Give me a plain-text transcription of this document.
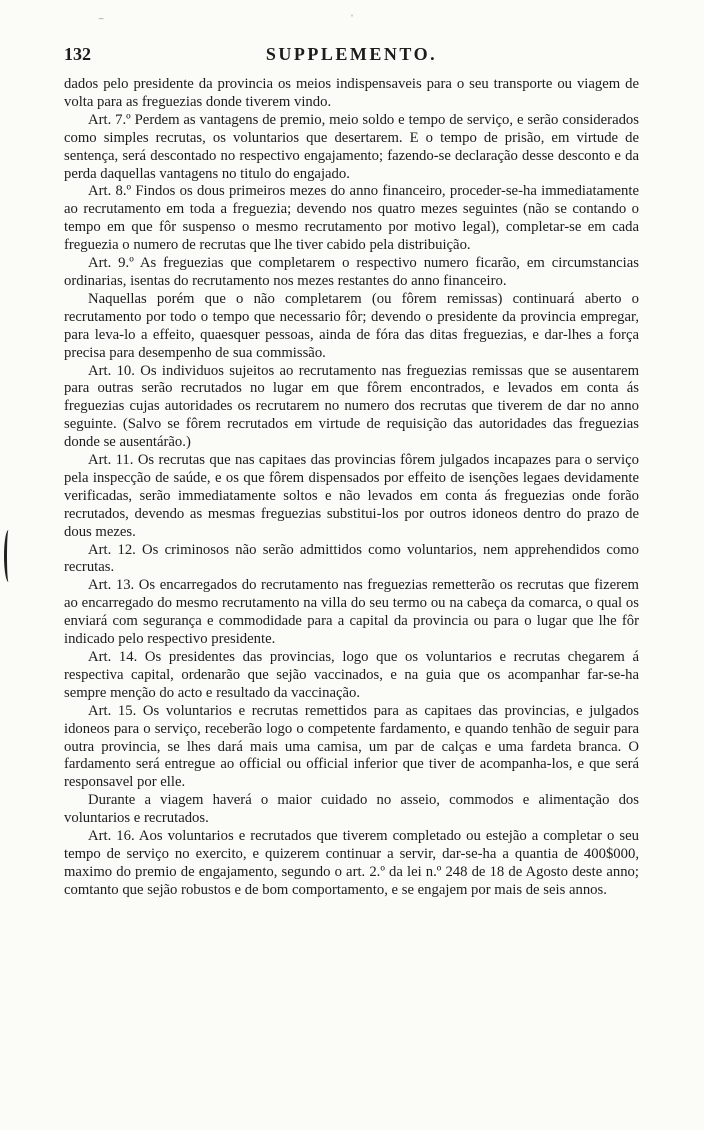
132	SUPPLEMENTO.
⁻	ˈ

dados pelo presidente da provincia os meios indispensaveis para o seu transporte ou viagem de volta para as freguezias donde tiverem vindo.

Art. 7.º Perdem as vantagens de premio, meio soldo e tempo de serviço, e serão considerados como simples recrutas, os voluntarios que desertarem. E o tempo de prisão, em virtude de sentença, será descontado no respectivo engajamento; fazendo-se declaração desse desconto e da perda daquellas vantagens no titulo do engajado.

Art. 8.º Findos os dous primeiros mezes do anno financeiro, proceder-se-ha immediatamente ao recrutamento em toda a freguezia; devendo nos quatro mezes seguintes (não se contando o tempo em que fôr suspenso o mesmo recrutamento por motivo legal), completar-se em cada freguezia o numero de recrutas que lhe tiver cabido pela distribuição.

Art. 9.º As freguezias que completarem o respectivo numero ficarão, em circumstancias ordinarias, isentas do recrutamento nos mezes restantes do anno financeiro.

Naquellas porém que o não completarem (ou fôrem remissas) continuará aberto o recrutamento por todo o tempo que necessario fôr; devendo o presidente da provincia empregar, para leva-lo a effeito, quaesquer pessoas, ainda de fóra das ditas freguezias, e dar-lhes a força precisa para desempenho de sua commissão.

Art. 10. Os individuos sujeitos ao recrutamento nas freguezias remissas que se ausentarem para outras serão recrutados no lugar em que fôrem encontrados, e levados em conta ás freguezias cujas autoridades os recrutarem no numero dos recrutas que tiverem de dar no anno seguinte. (Salvo se fôrem recrutados em virtude de requisição das autoridades das freguezias donde se ausentárão.)

Art. 11. Os recrutas que nas capitaes das provincias fôrem julgados incapazes para o serviço pela inspecção de saúde, e os que fôrem dispensados por effeito de isenções legaes devidamente verificadas, serão immediatamente soltos e não levados em conta ás freguezias onde forão recrutados, devendo as mesmas freguezias substitui-los por outros idoneos dentro do prazo de dous mezes.

Art. 12. Os criminosos não serão admittidos como voluntarios, nem apprehendidos como recrutas.

Art. 13. Os encarregados do recrutamento nas freguezias remetterão os recrutas que fizerem ao encarregado do mesmo recrutamento na villa do seu termo ou na cabeça da comarca, o qual os enviará com segurança e commodidade para a capital da provincia ou para o lugar que lhe fôr indicado pelo respectivo presidente.

Art. 14. Os presidentes das provincias, logo que os voluntarios e recrutas chegarem á respectiva capital, ordenarão que sejão vaccinados, e na guia que os acompanhar far-se-ha sempre menção do acto e resultado da vaccinação.

Art. 15. Os voluntarios e recrutas remettidos para as capitaes das provincias, e julgados idoneos para o serviço, receberão logo o competente fardamento, e quando tenhão de seguir para outra provincia, se lhes dará mais uma camisa, um par de calças e uma fardeta branca. O fardamento será entregue ao official ou official inferior que tiver de acompanha-los, e que será responsavel por elle.

Durante a viagem haverá o maior cuidado no asseio, commodos e alimentação dos voluntarios e recrutados.

Art. 16. Aos voluntarios e recrutados que tiverem completado ou estejão a completar o seu tempo de serviço no exercito, e quizerem continuar a servir, dar-se-ha a quantia de 400$000, maximo do premio de engajamento, segundo o art. 2.º da lei n.º 248 de 18 de Agosto deste anno; comtanto que sejão robustos e de bom comportamento, e se engajem por mais de seis annos.
